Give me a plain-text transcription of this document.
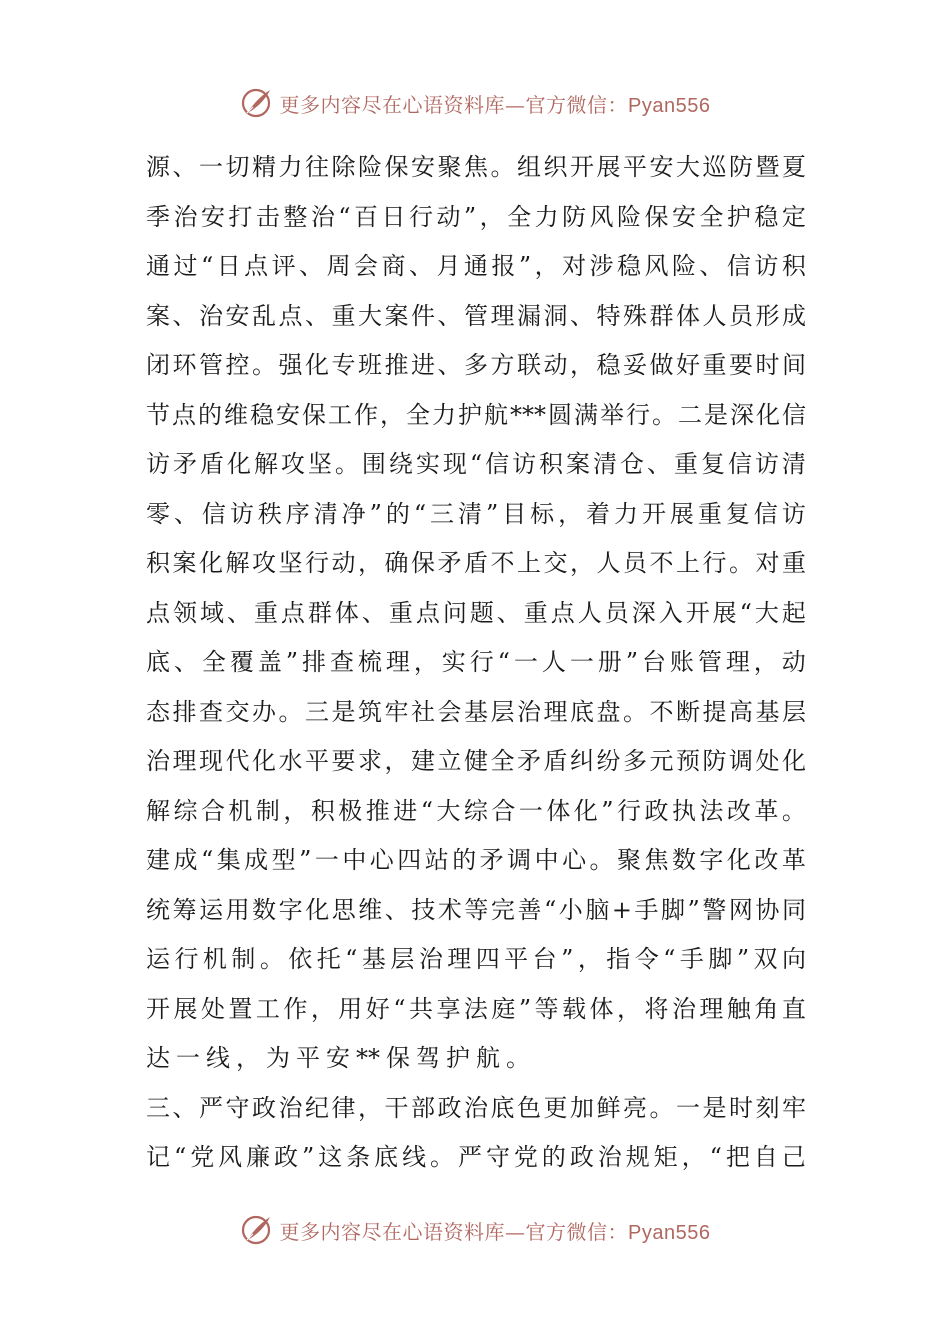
更多内容尽在心语资料库—官方微信：Pyan556
源 、 一 切 精 力 往 除 险 保 安 聚 焦 。 组 织 开 展 平 安 大 巡 防 暨 夏
季 治 安 打 击 整 治 “ 百 日 行 动 ” ， 全 力 防 风 险 保 安 全 护 稳 定
通 过 “ 日 点 评 、 周 会 商 、 月 通 报 ” ， 对 涉 稳 风 险 、 信 访 积
案 、 治 安 乱 点 、 重 大 案 件 、 管 理 漏 洞 、 特 殊 群 体 人 员 形 成
闭 环 管 控 。 强 化 专 班 推 进 、 多 方 联 动 ， 稳 妥 做 好 重 要 时 间
节 点 的 维 稳 安 保 工 作 ， 全 力 护 航 *** 圆 满 举 行 。 二 是 深 化 信
访 矛 盾 化 解 攻 坚 。 围 绕 实 现 “ 信 访 积 案 清 仓 、 重 复 信 访 清
零 、 信 访 秩 序 清 净 ” 的 “ 三 清 ” 目 标 ， 着 力 开 展 重 复 信 访
积 案 化 解 攻 坚 行 动 ， 确 保 矛 盾 不 上 交 ， 人 员 不 上 行 。 对 重
点 领 域 、 重 点 群 体 、 重 点 问 题 、 重 点 人 员 深 入 开 展 “ 大 起
底 、 全 覆 盖 ” 排 查 梳 理 ， 实 行 “ 一 人 一 册 ” 台 账 管 理 ， 动
态 排 查 交 办 。 三 是 筑 牢 社 会 基 层 治 理 底 盘 。 不 断 提 高 基 层
治 理 现 代 化 水 平 要 求 ， 建 立 健 全 矛 盾 纠 纷 多 元 预 防 调 处 化
解 综 合 机 制 ， 积 极 推 进 “ 大 综 合 一 体 化 ” 行 政 执 法 改 革 。
建 成 “ 集 成 型 ” 一 中 心 四 站 的 矛 调 中 心 。 聚 焦 数 字 化 改 革
统 筹 运 用 数 字 化 思 维 、 技 术 等 完 善 “ 小 脑 + 手 脚 ” 警 网 协 同
运 行 机 制 。 依 托 “ 基 层 治 理 四 平 台 ” ， 指 令 “ 手 脚 ” 双 向
开 展 处 置 工 作 ， 用 好 “ 共 享 法 庭 ” 等 载 体 ， 将 治 理 触 角 直
达 一 线 ， 为 平 安 ** 保 驾 护 航 。
三 、 严 守 政 治 纪 律 ， 干 部 政 治 底 色 更 加 鲜 亮 。 一 是 时 刻 牢
记 “ 党 风 廉 政 ” 这 条 底 线 。 严 守 党 的 政 治 规 矩 ， “ 把 自 己
更多内容尽在心语资料库—官方微信：Pyan556
